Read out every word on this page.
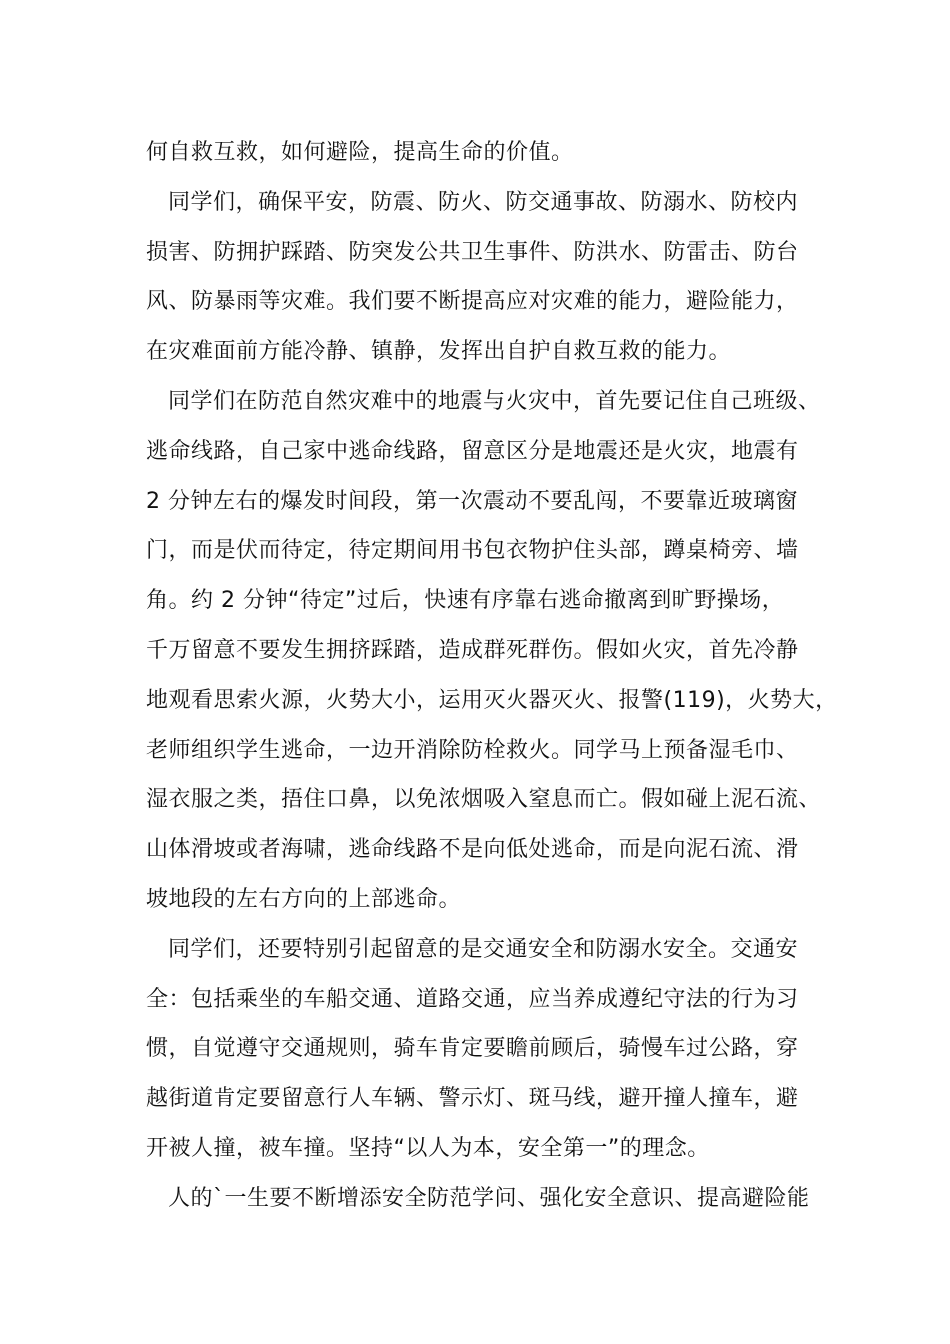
何自救互救，如何避险，提高生命的价值。
同学们，确保平安，防震、防火、防交通事故、防溺水、防校内
损害、防拥护踩踏、防突发公共卫生事件、防洪水、防雷击、防台
风、防暴雨等灾难。我们要不断提高应对灾难的能力，避险能力，
在灾难面前方能冷静、镇静，发挥出自护自救互救的能力。
同学们在防范自然灾难中的地震与火灾中，首先要记住自己班级、
逃命线路，自己家中逃命线路，留意区分是地震还是火灾，地震有
2 分钟左右的爆发时间段，第一次震动不要乱闯，不要靠近玻璃窗
门，而是伏而待定，待定期间用书包衣物护住头部，蹲桌椅旁、墙
角。约 2 分钟“待定”过后，快速有序靠右逃命撤离到旷野操场，
千万留意不要发生拥挤踩踏，造成群死群伤。假如火灾，首先冷静
地观看思索火源，火势大小，运用灭火器灭火、报警(119)，火势大，
老师组织学生逃命，一边开消除防栓救火。同学马上预备湿毛巾、
湿衣服之类，捂住口鼻，以免浓烟吸入窒息而亡。假如碰上泥石流、
山体滑坡或者海啸，逃命线路不是向低处逃命，而是向泥石流、滑
坡地段的左右方向的上部逃命。
同学们，还要特别引起留意的是交通安全和防溺水安全。交通安
全：包括乘坐的车船交通、道路交通，应当养成遵纪守法的行为习
惯，自觉遵守交通规则，骑车肯定要瞻前顾后，骑慢车过公路，穿
越街道肯定要留意行人车辆、警示灯、斑马线，避开撞人撞车，避
开被人撞，被车撞。坚持“以人为本，安全第一”的理念。
人的`一生要不断增添安全防范学问、强化安全意识、提高避险能
